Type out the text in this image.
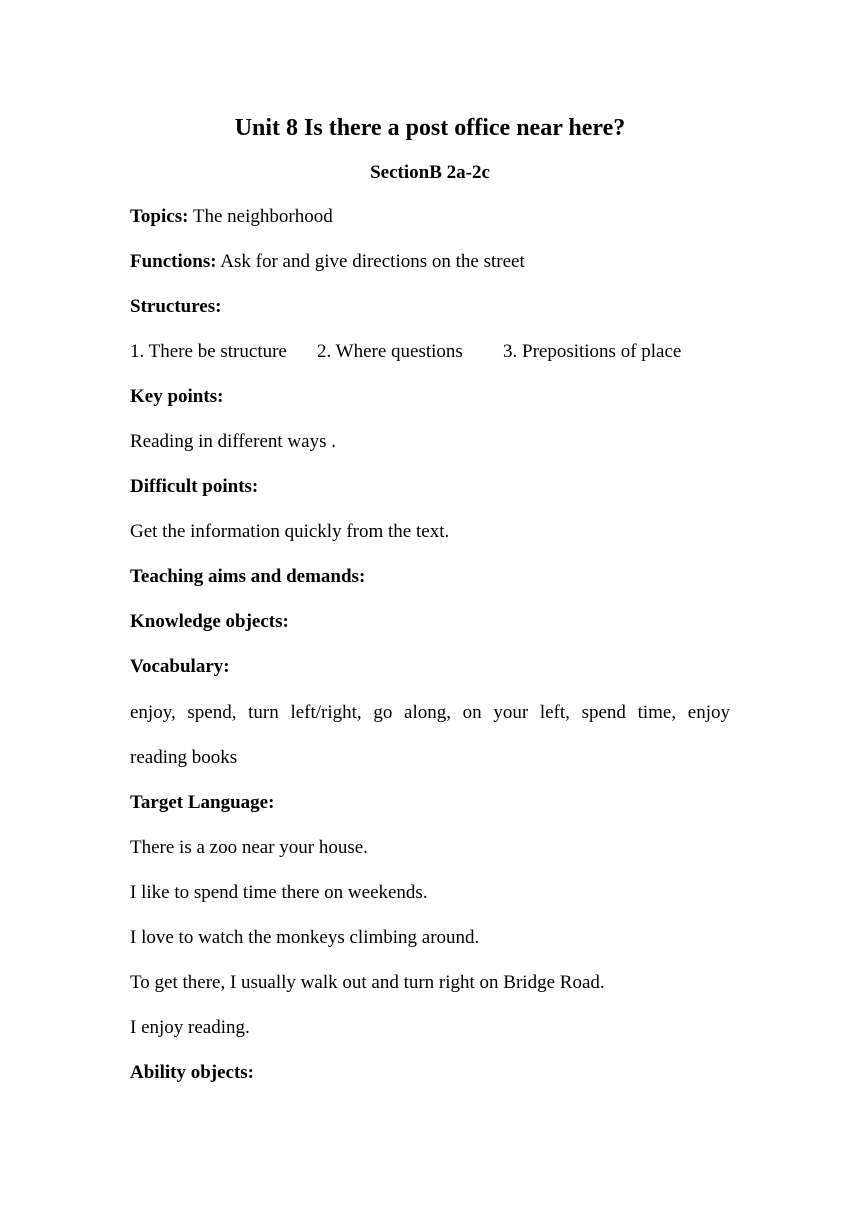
Unit 8 Is there a post office near here?
SectionB 2a-2c
Topics: The neighborhood
Functions: Ask for and give directions on the street
Structures:
1. There be structure 2. Where questions 3. Prepositions of place
Key points:
Reading in different ways .
Difficult points:
Get the information quickly from the text.
Teaching aims and demands:
Knowledge objects:
Vocabulary:
enjoy, spend, turn left/right, go along, on your left, spend time, enjoy
reading books
Target Language:
There is a zoo near your house.
I like to spend time there on weekends.
I love to watch the monkeys climbing around.
To get there, I usually walk out and turn right on Bridge Road.
I enjoy reading.
Ability objects:
